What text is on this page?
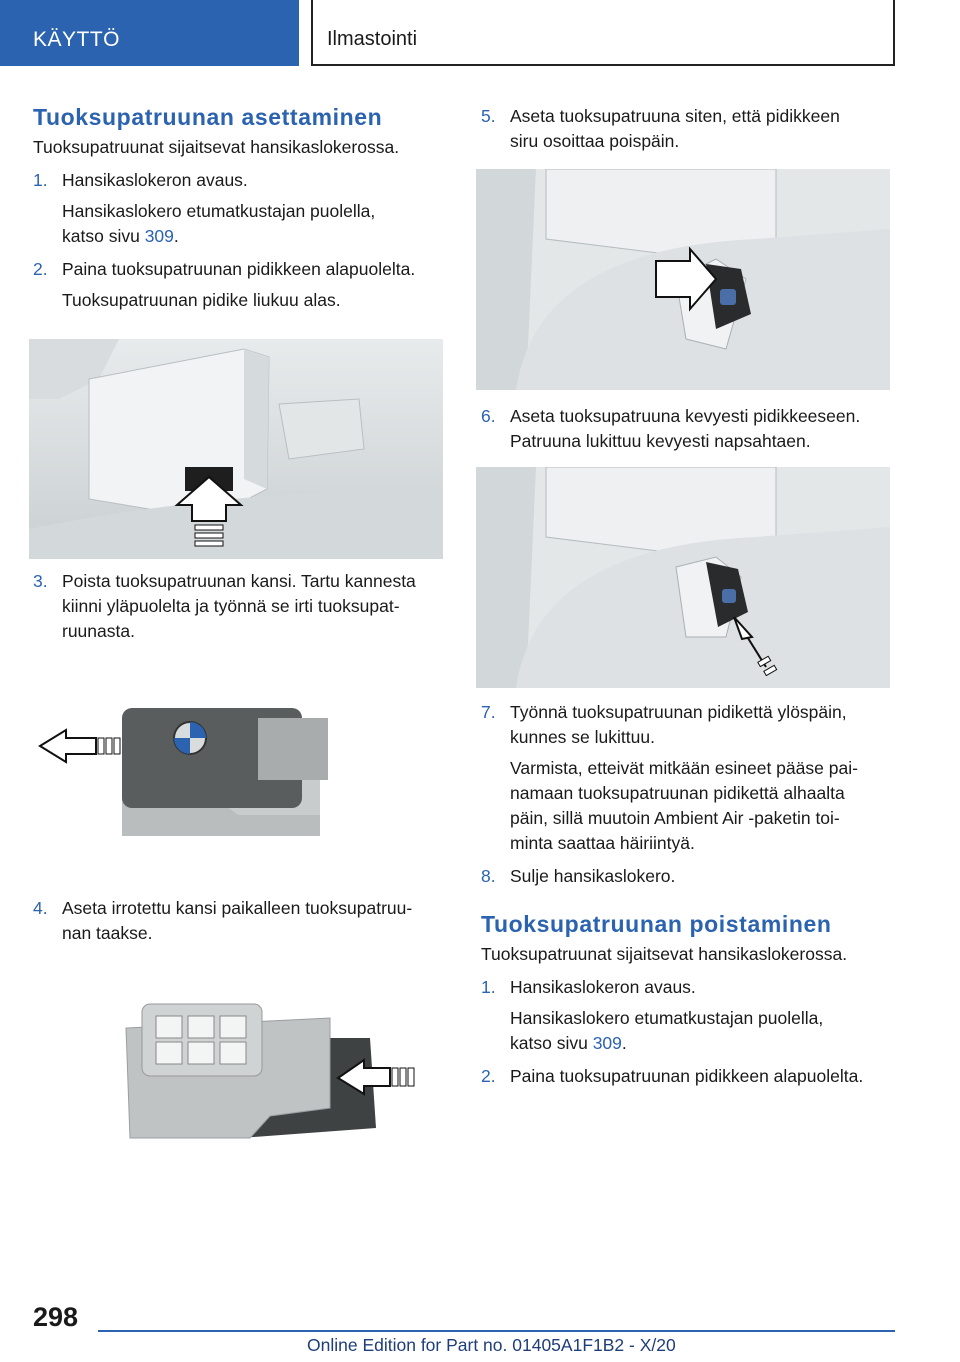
KÄYTTÖ	Ilmastointi
Tuoksupatruunan asettaminen

Tuoksupatruunat sijaitsevat hansikaslokerossa.

1. Hansikaslokeron avaus.
Hansikaslokero etumatkustajan puolella,
katso sivu 309.
2. Paina tuoksupatruunan pidikkeen alapuolelta.
Tuoksupatruunan pidike liukuu alas.
3. Poista tuoksupatruunan kansi. Tartu kannesta
kiinni yläpuolelta ja työnnä se irti tuoksupat-
ruunasta.
4. Aseta irrotettu kansi paikalleen tuoksupatruu-
nan taakse.
5. Aseta tuoksupatruuna siten, että pidikkeen
siru osoittaa poispäin.
6. Aseta tuoksupatruuna kevyesti pidikkeeseen.
Patruuna lukittuu kevyesti napsahtaen.
7. Työnnä tuoksupatruunan pidikettä ylöspäin,
kunnes se lukittuu.
Varmista, etteivät mitkään esineet pääse pai-
namaan tuoksupatruunan pidikettä alhaalta
päin, sillä muutoin Ambient Air -paketin toi-
minta saattaa häiriintyä.
8. Sulje hansikaslokero.
Tuoksupatruunan poistaminen

Tuoksupatruunat sijaitsevat hansikaslokerossa.

1. Hansikaslokeron avaus.
Hansikaslokero etumatkustajan puolella,
katso sivu 309.
2. Paina tuoksupatruunan pidikkeen alapuolelta.
298
Online Edition for Part no. 01405A1F1B2 - X/20
